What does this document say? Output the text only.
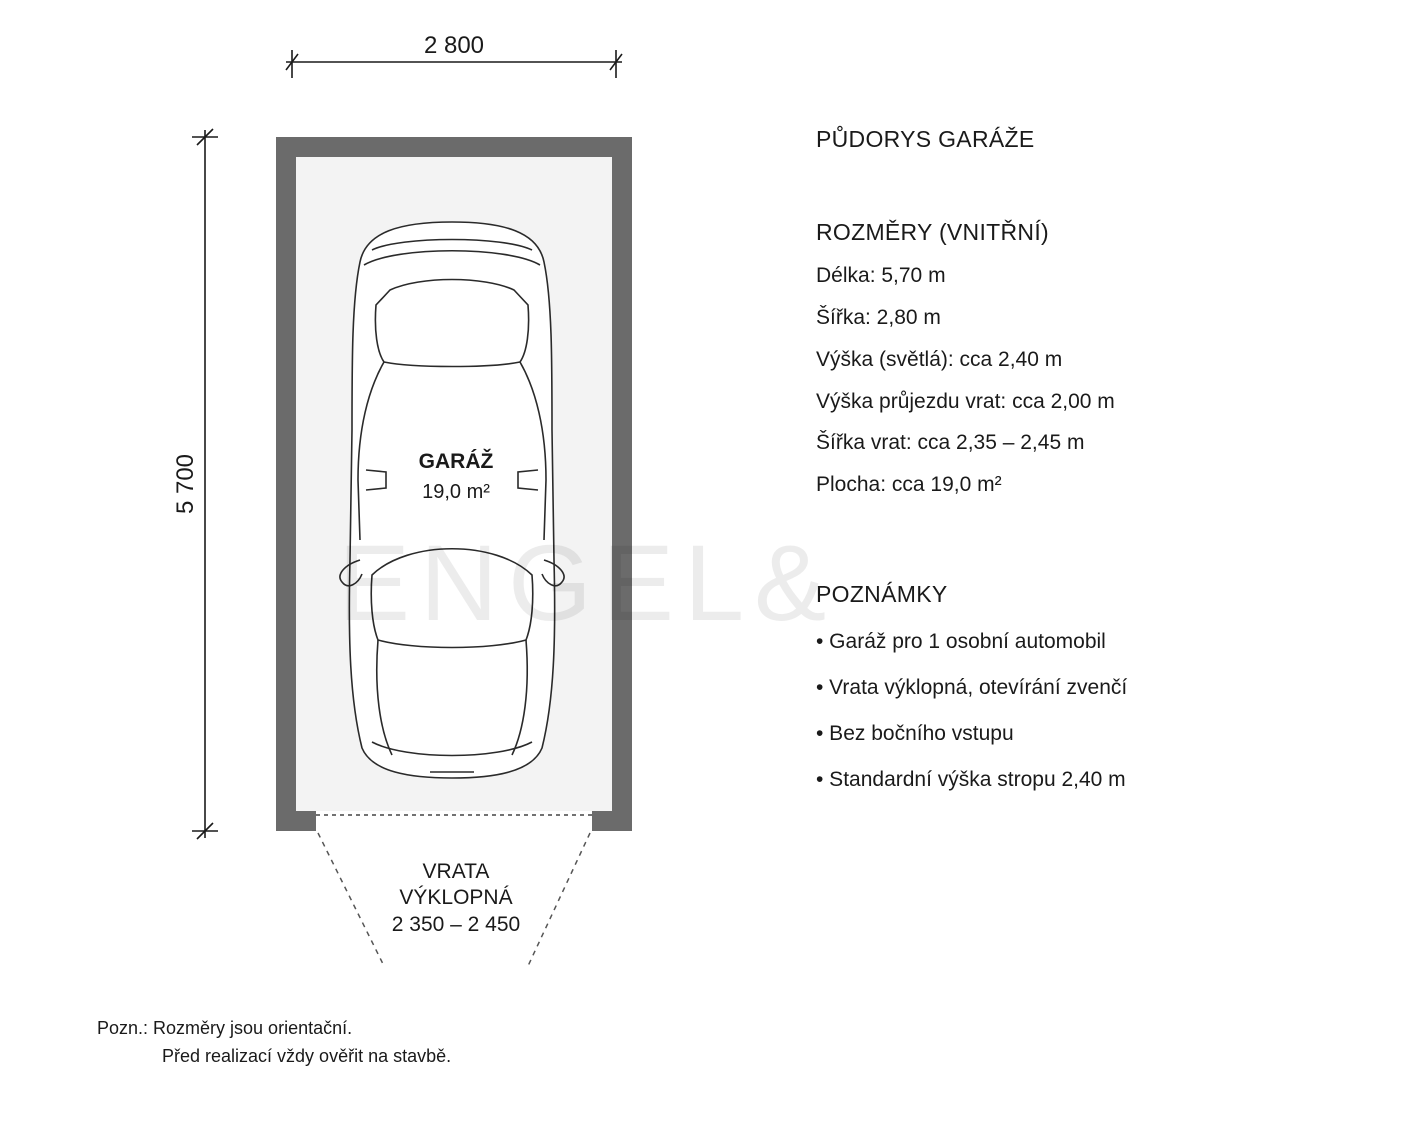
2 800
5 700	GARÁŽ
19,0 m²
VRATA
VÝKLOPNÁ
2 350 – 2 450
ENGEL&

PŮDORYS GARÁŽE

ROZMĚRY (VNITŘNÍ)

Délka: 5,70 m

Šířka: 2,80 m

Výška (světlá): cca 2,40 m

Výška průjezdu vrat: cca 2,00 m

Šířka vrat: cca 2,35 – 2,45 m

Plocha: cca 19,0 m²

POZNÁMKY

• Garáž pro 1 osobní automobil

• Vrata výklopná, otevírání zvenčí

• Bez bočního vstupu

• Standardní výška stropu 2,40 m

Pozn.: Rozměry jsou orientační.
Před realizací vždy ověřit na stavbě.
